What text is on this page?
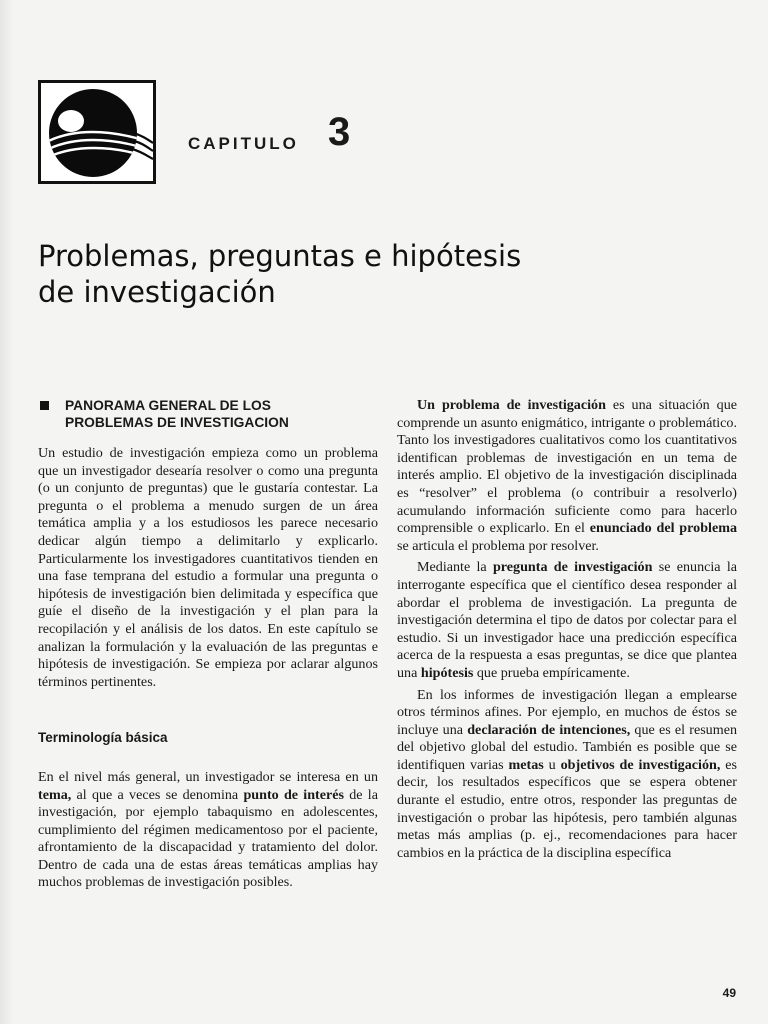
CAPITULO 3
Problemas, preguntas e hipótesis
de investigación
PANORAMA GENERAL DE LOS
PROBLEMAS DE INVESTIGACION

Un estudio de investigación empieza como un problema que un investigador desearía resolver o como una pregunta (o un conjunto de preguntas) que le gustaría contestar. La pregunta o el problema a menudo surgen de un área temática amplia y a los estudiosos les parece necesario dedicar algún tiempo a delimitarlo y explicarlo. Particularmente los investigadores cuantitativos tienden en una fase temprana del estudio a formular una pregunta o hipótesis de investigación bien delimitada y específica que guíe el diseño de la investigación y el plan para la recopilación y el análisis de los datos. En este capítulo se analizan la formulación y la evaluación de las preguntas e hipótesis de investigación. Se empieza por aclarar algunos términos pertinentes.

Terminología básica

En el nivel más general, un investigador se interesa en un tema, al que a veces se denomina punto de interés de la investigación, por ejemplo tabaquismo en adolescentes, cumplimiento del régimen medicamentoso por el paciente, afrontamiento de la discapacidad y tratamiento del dolor. Dentro de cada una de estas áreas temáticas amplias hay muchos problemas de investigación posibles.

Un problema de investigación es una situación que comprende un asunto enigmático, intrigante o problemático. Tanto los investigadores cualitativos como los cuantitativos identifican problemas de investigación en un tema de interés amplio. El objetivo de la investigación disciplinada es “resolver” el problema (o contribuir a resolverlo) acumulando información suficiente como para hacerlo comprensible o explicarlo. En el enunciado del problema se articula el problema por resolver.

Mediante la pregunta de investigación se enuncia la interrogante específica que el científico desea responder al abordar el problema de investigación. La pregunta de investigación determina el tipo de datos por colectar para el estudio. Si un investigador hace una predicción específica acerca de la respuesta a esas preguntas, se dice que plantea una hipótesis que prueba empíricamente.

En los informes de investigación llegan a emplearse otros términos afines. Por ejemplo, en muchos de éstos se incluye una declaración de intenciones, que es el resumen del objetivo global del estudio. También es posible que se identifiquen varias metas u objetivos de investigación, es decir, los resultados específicos que se espera obtener durante el estudio, entre otros, responder las preguntas de investigación o probar las hipótesis, pero también algunas metas más amplias (p. ej., recomendaciones para hacer cambios en la práctica de la disciplina específica

49
